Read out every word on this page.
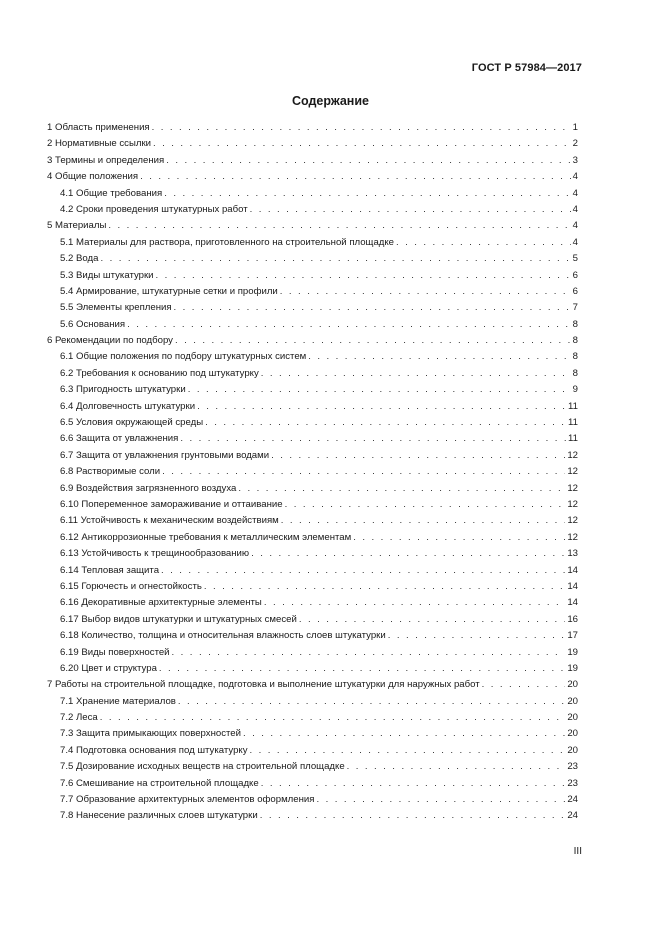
ГОСТ Р 57984—2017
Содержание
1 Область применения . . .	1
2 Нормативные ссылки . . .	2
3 Термины и определения . . .	3
4 Общие положения . . .	4
4.1 Общие требования . . .	4
4.2 Сроки проведения штукатурных работ . . .	4
5 Материалы . . .	4
5.1 Материалы для раствора, приготовленного на строительной площадке . . .	4
5.2 Вода . . .	5
5.3 Виды штукатурки . . .	6
5.4 Армирование, штукатурные сетки и профили . . .	6
5.5 Элементы крепления . . .	7
5.6 Основания . . .	8
6 Рекомендации по подбору . . .	8
6.1 Общие положения по подбору штукатурных систем . . .	8
6.2 Требования к основанию под штукатурку . . .	8
6.3 Пригодность штукатурки . . .	9
6.4 Долговечность штукатурки . . .	11
6.5 Условия окружающей среды . . .	11
6.6 Защита от увлажнения . . .	11
6.7 Защита от увлажнения грунтовыми водами . . .	12
6.8 Растворимые соли . . .	12
6.9 Воздействия загрязненного воздуха . . .	12
6.10 Попеременное замораживание и оттаивание . . .	12
6.11 Устойчивость к механическим воздействиям . . .	12
6.12 Антикоррозионные требования к металлическим элементам . . .	12
6.13 Устойчивость к трещинообразованию . . .	13
6.14 Тепловая защита . . .	14
6.15 Горючесть и огнестойкость . . .	14
6.16 Декоративные архитектурные элементы . . .	14
6.17 Выбор видов штукатурки и штукатурных смесей . . .	16
6.18 Количество, толщина и относительная влажность слоев штукатурки . . .	17
6.19 Виды поверхностей . . .	19
6.20 Цвет и структура . . .	19
7 Работы на строительной площадке, подготовка и выполнение штукатурки для наружных работ . . .	20
7.1 Хранение материалов . . .	20
7.2 Леса . . .	20
7.3 Защита примыкающих поверхностей . . .	20
7.4 Подготовка основания под штукатурку . . .	20
7.5 Дозирование исходных веществ на строительной площадке . . .	23
7.6 Смешивание на строительной площадке . . .	23
7.7 Образование архитектурных элементов оформления . . .	24
7.8 Нанесение различных слоев штукатурки . . .	24
III
